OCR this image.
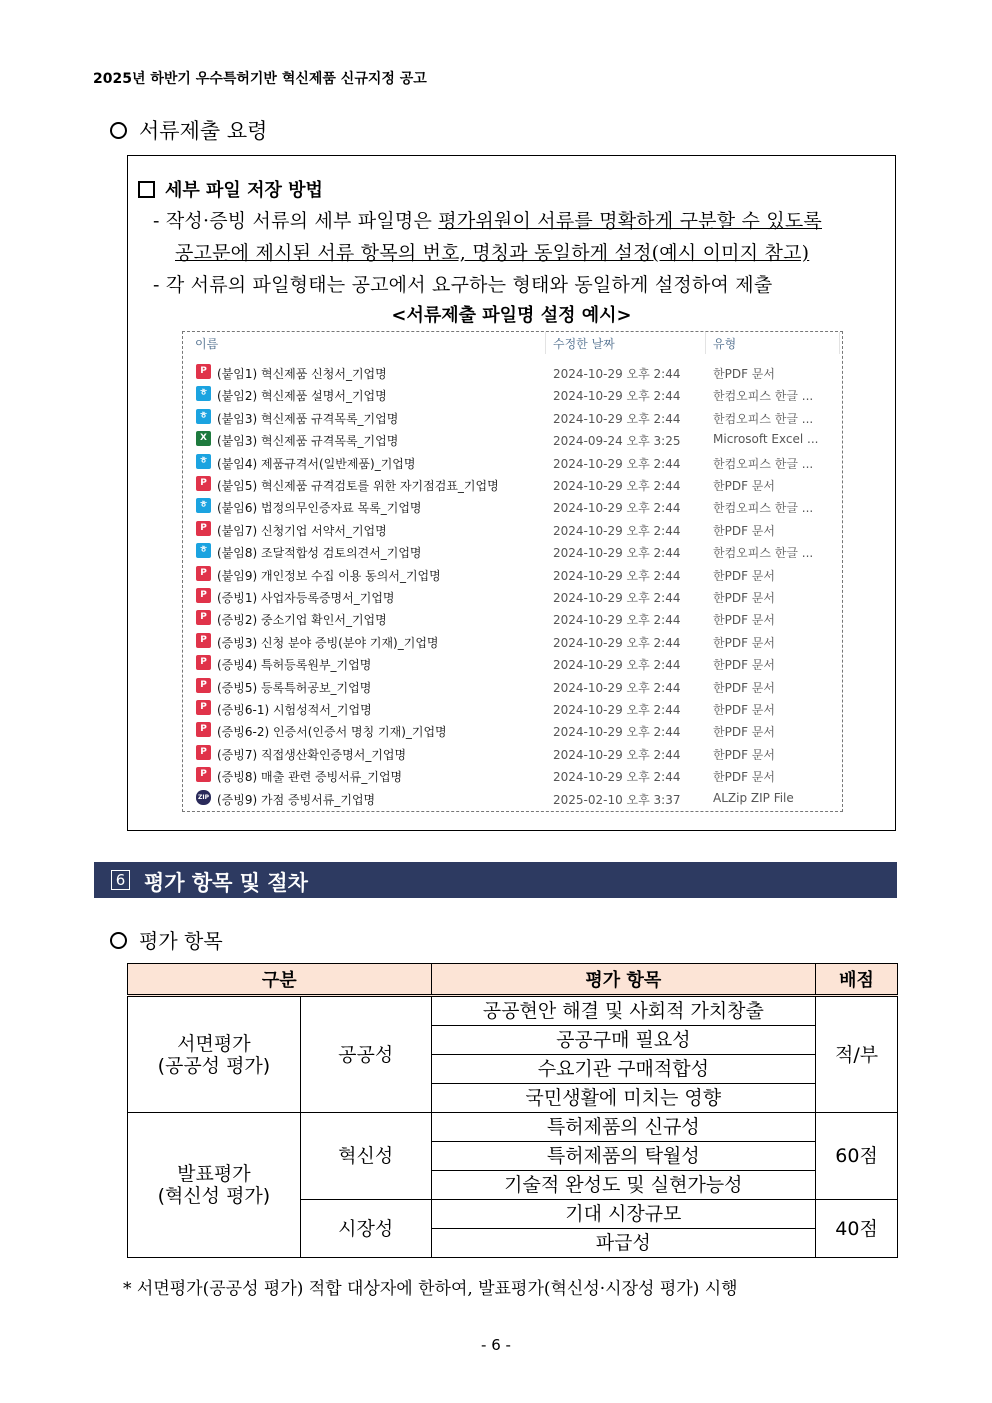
2025년 하반기 우수특허기반 혁신제품 신규지정 공고
서류제출 요령
세부 파일 저장 방법
- 작성·증빙 서류의 세부 파일명은 평가위원이 서류를 명확하게 구분할 수 있도록
공고문에 제시된 서류 항목의 번호, 명칭과 동일하게 설정(예시 이미지 참고)
- 각 서류의 파일형태는 공고에서 요구하는 형태와 동일하게 설정하여 제출
<서류제출 파일명 설정 예시>
이름	수정한 날짜	유형
P (붙임1) 혁신제품 신청서_기업명	2024-10-29 오후 2:44	한PDF 문서
ㅎ (붙임2) 혁신제품 설명서_기업명	2024-10-29 오후 2:44	한컴오피스 한글 ...
ㅎ (붙임3) 혁신제품 규격목록_기업명	2024-10-29 오후 2:44	한컴오피스 한글 ...
X (붙임3) 혁신제품 규격목록_기업명	2024-09-24 오후 3:25	Microsoft Excel ...
ㅎ (붙임4) 제품규격서(일반제품)_기업명	2024-10-29 오후 2:44	한컴오피스 한글 ...
P (붙임5) 혁신제품 규격검토를 위한 자기점검표_기업명	2024-10-29 오후 2:44	한PDF 문서
ㅎ (붙임6) 법정의무인증자료 목록_기업명	2024-10-29 오후 2:44	한컴오피스 한글 ...
P (붙임7) 신청기업 서약서_기업명	2024-10-29 오후 2:44	한PDF 문서
ㅎ (붙임8) 조달적합성 검토의견서_기업명	2024-10-29 오후 2:44	한컴오피스 한글 ...
P (붙임9) 개인정보 수집 이용 동의서_기업명	2024-10-29 오후 2:44	한PDF 문서
P (증빙1) 사업자등록증명서_기업명	2024-10-29 오후 2:44	한PDF 문서
P (증빙2) 중소기업 확인서_기업명	2024-10-29 오후 2:44	한PDF 문서
P (증빙3) 신청 분야 증빙(분야 기재)_기업명	2024-10-29 오후 2:44	한PDF 문서
P (증빙4) 특허등록원부_기업명	2024-10-29 오후 2:44	한PDF 문서
P (증빙5) 등록특허공보_기업명	2024-10-29 오후 2:44	한PDF 문서
P (증빙6-1) 시험성적서_기업명	2024-10-29 오후 2:44	한PDF 문서
P (증빙6-2) 인증서(인증서 명칭 기재)_기업명	2024-10-29 오후 2:44	한PDF 문서
P (증빙7) 직접생산확인증명서_기업명	2024-10-29 오후 2:44	한PDF 문서
P (증빙8) 매출 관련 증빙서류_기업명	2024-10-29 오후 2:44	한PDF 문서
ZIP (증빙9) 가점 증빙서류_기업명	2025-02-10 오후 3:37	ALZip ZIP File
6 평가 항목 및 절차
평가 항목
구분		평가 항목	배점
서면평가
(공공성 평가)	공공성	공공현안 해결 및 사회적 가치창출	적/부
		공공구매 필요성	
		수요기관 구매적합성	
		국민생활에 미치는 영향	
발표평가
(혁신성 평가)	혁신성	특허제품의 신규성	60점
		특허제품의 탁월성	
		기술적 완성도 및 실현가능성	
	시장성	기대 시장규모	40점
		파급성	
* 서면평가(공공성 평가) 적합 대상자에 한하여, 발표평가(혁신성·시장성 평가) 시행
- 6 -
